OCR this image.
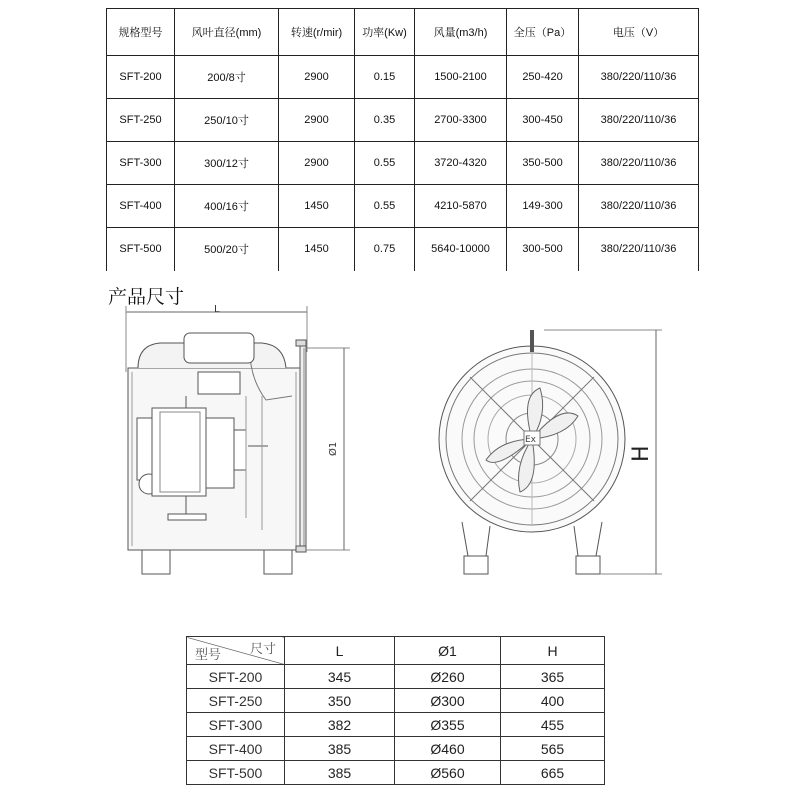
规格型号	风叶直径(mm)	转速(r/mir)	功率(Kw)	风量(m3/h)	全压（Pa）	电压（V）
SFT-200	200/8寸	2900	0.15	1500-2100	250-420	380/220/110/36
SFT-250	250/10寸	2900	0.35	2700-3300	300-450	380/220/110/36
SFT-300	300/12寸	2900	0.55	3720-4320	350-500	380/220/110/36
SFT-400	400/16寸	1450	0.55	4210-5870	149-300	380/220/110/36
SFT-500	500/20寸	1450	0.75	5640-10000	300-500	380/220/110/36
产品尺寸
L
Ø1
Ex
H
尺寸
型号	L	Ø1	H
SFT-200	345	Ø260	365
SFT-250	350	Ø300	400
SFT-300	382	Ø355	455
SFT-400	385	Ø460	565
SFT-500	385	Ø560	665
